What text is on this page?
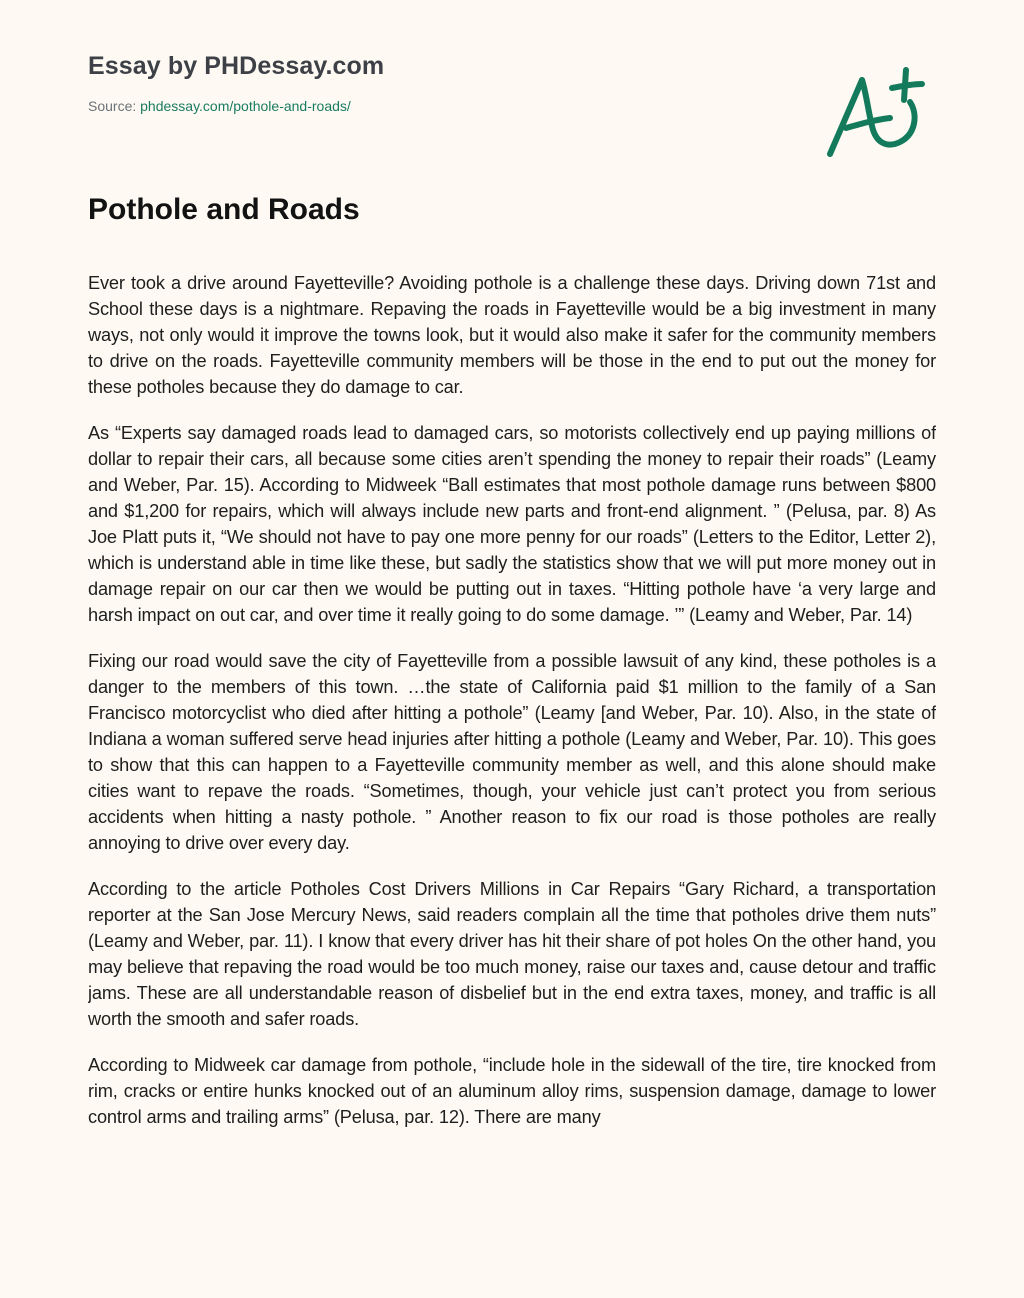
Essay by PHDessay.com
Source: phdessay.com/pothole-and-roads/
Pothole and Roads

Ever took a drive around Fayetteville? Avoiding pothole is a challenge these days. Driving down 71st and School these days is a nightmare. Repaving the roads in Fayetteville would be a big investment in many ways, not only would it improve the towns look, but it would also make it safer for the community members to drive on the roads. Fayetteville community members will be those in the end to put out the money for these potholes because they do damage to car.

As “Experts say damaged roads lead to damaged cars, so motorists collectively end up paying millions of dollar to repair their cars, all because some cities aren’t spending the money to repair their roads” (Leamy and Weber, Par. 15). According to Midweek “Ball estimates that most pothole damage runs between $800 and $1,200 for repairs, which will always include new parts and front-end alignment. ” (Pelusa, par. 8) As Joe Platt puts it, “We should not have to pay one more penny for our roads” (Letters to the Editor, Letter 2), which is understand able in time like these, but sadly the statistics show that we will put more money out in damage repair on our car then we would be putting out in taxes. “Hitting pothole have ‘a very large and harsh impact on out car, and over time it really going to do some damage. ’” (Leamy and Weber, Par. 14)

Fixing our road would save the city of Fayetteville from a possible lawsuit of any kind, these potholes is a danger to the members of this town. …the state of California paid $1 million to the family of a San Francisco motorcyclist who died after hitting a pothole” (Leamy [and Weber, Par. 10). Also, in the state of Indiana a woman suffered serve head injuries after hitting a pothole (Leamy and Weber, Par. 10). This goes to show that this can happen to a Fayetteville community member as well, and this alone should make cities want to repave the roads. “Sometimes, though, your vehicle just can’t protect you from serious accidents when hitting a nasty pothole. ” Another reason to fix our road is those potholes are really annoying to drive over every day.

According to the article Potholes Cost Drivers Millions in Car Repairs “Gary Richard, a transportation reporter at the San Jose Mercury News, said readers complain all the time that potholes drive them nuts” (Leamy and Weber, par. 11). I know that every driver has hit their share of pot holes On the other hand, you may believe that repaving the road would be too much money, raise our taxes and, cause detour and traffic jams. These are all understandable reason of disbelief but in the end extra taxes, money, and traffic is all worth the smooth and safer roads.

According to Midweek car damage from pothole, “include hole in the sidewall of the tire, tire knocked from rim, cracks or entire hunks knocked out of an aluminum alloy rims, suspension damage, damage to lower control arms and trailing arms” (Pelusa, par. 12). There are many
